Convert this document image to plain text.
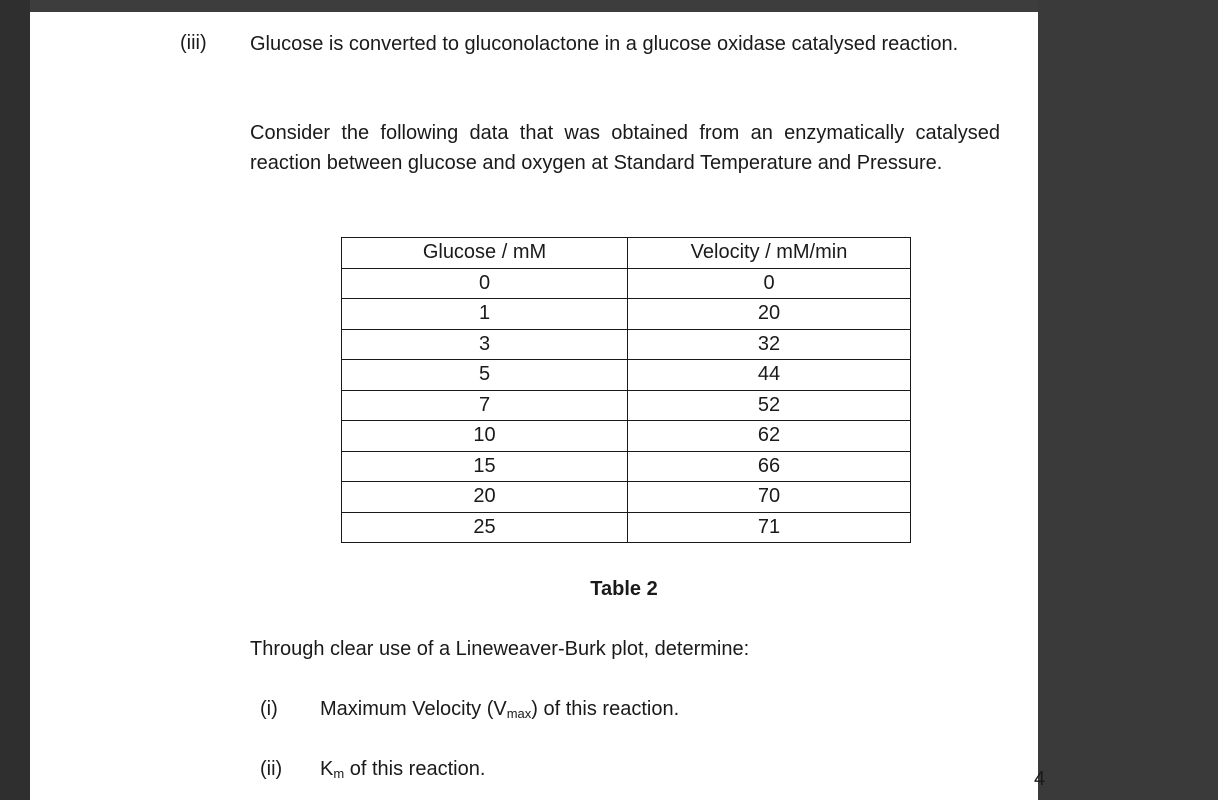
(iii) Glucose is converted to gluconolactone in a glucose oxidase catalysed reaction.
Consider the following data that was obtained from an enzymatically catalysed reaction between glucose and oxygen at Standard Temperature and Pressure.
Glucose / mM	Velocity / mM/min
0	0
1	20
3	32
5	44
7	52
10	62
15	66
20	70
25	71
Table 2
Through clear use of a Lineweaver-Burk plot, determine:
(i) Maximum Velocity $(V_{max})$ of this reaction.
(ii) $K_m$ of this reaction.	4
